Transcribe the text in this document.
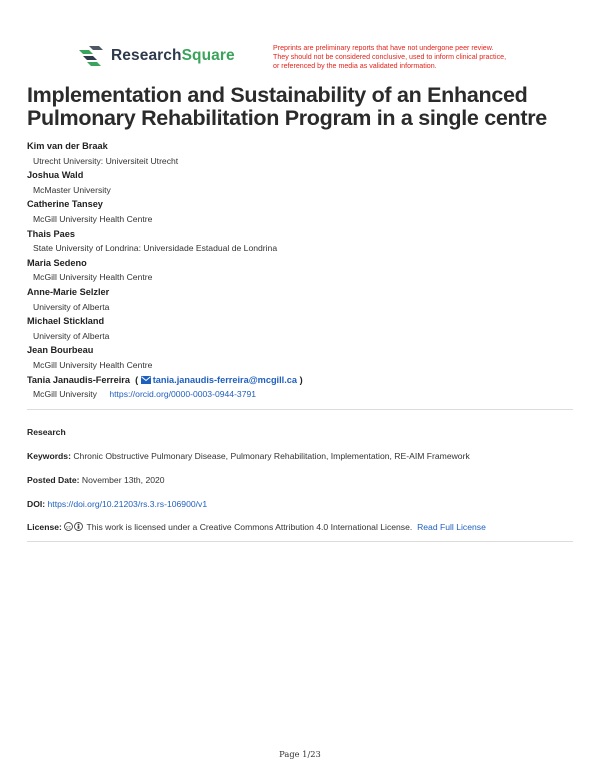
ResearchSquare	Preprints are preliminary reports that have not undergone peer review.
They should not be considered conclusive, used to inform clinical practice,
or referenced by the media as validated information.
Implementation and Sustainability of an Enhanced Pulmonary Rehabilitation Program in a single centre
Kim van der Braak
Utrecht University: Universiteit Utrecht
Joshua Wald
McMaster University
Catherine Tansey
McGill University Health Centre
Thais Paes
State University of Londrina: Universidade Estadual de Londrina
Maria Sedeno
McGill University Health Centre
Anne-Marie Selzler
University of Alberta
Michael Stickland
University of Alberta
Jean Bourbeau
McGill University Health Centre
Tania Janaudis-Ferreira ( tania.janaudis-ferreira@mcgill.ca )
McGill University https://orcid.org/0000-0003-0944-3791
Research
Keywords: Chronic Obstructive Pulmonary Disease, Pulmonary Rehabilitation, Implementation, RE-AIM Framework
Posted Date: November 13th, 2020
DOI: https://doi.org/10.21203/rs.3.rs-106900/v1
License: cc This work is licensed under a Creative Commons Attribution 4.0 International License. Read Full License
Page 1/23
